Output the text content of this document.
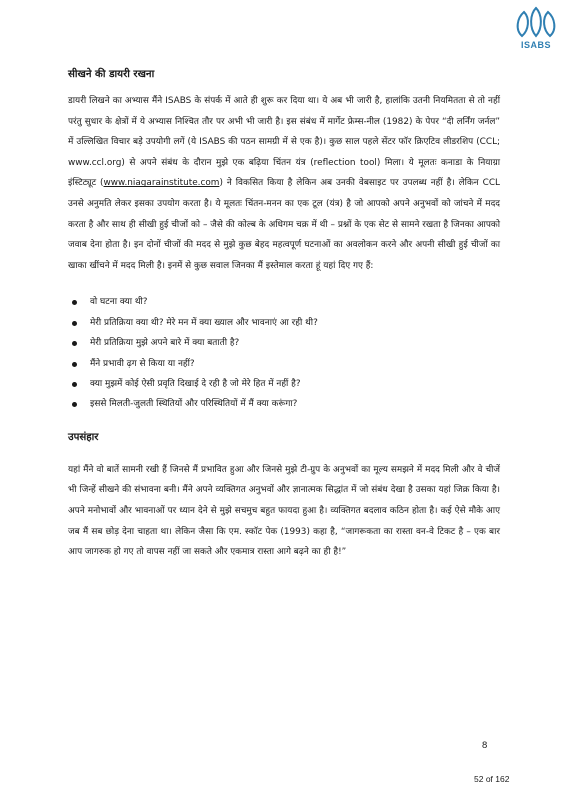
ISABS
सीखने की डायरी रखना

डायरी लिखने का अभ्यास मैंने ISABS के संपर्क में आते ही शुरू कर दिया था। ये अब भी जारी है, हालांकि उतनी नियमितता से तो नहीं परंतु सुधार के क्षेत्रों में ये अभ्यास निश्चित तौर पर अभी भी जारी है। इस संबंध में मार्गेट फ्रेम्स-नील (1982) के पेपर “दी लर्निंग जर्नल” में उल्लिखित विचार बड़े उपयोगी लगें (ये ISABS की पठन सामग्री में से एक है)। कुछ साल पहले सेंटर फॉर क्रिएटिव लीडरशिप (CCL; www.ccl.org) से अपने संबंध के दौरान मुझे एक बढ़िया चिंतन यंत्र (reflection tool) मिला। ये मूलतः कनाडा के नियाग्रा इंस्टिट्यूट (www.niagarainstitute.com) ने विकसित किया है लेकिन अब उनकी वेबसाइट पर उपलब्ध नहीं है। लेकिन CCL उनसे अनुमति लेकर इसका उपयोग करता है। ये मूलतः चिंतन-मनन का एक टूल (यंत्र) है जो आपको अपने अनुभवों को जांचने में मदद करता है और साथ ही सीखी हुई चीजों को – जैसे की कोल्ब के अधिगम चक्र में थी – प्रश्नों के एक सेट से सामने रखता है जिनका आपको जवाब देना होता है। इन दोनों चीजों की मदद से मुझे कुछ बेहद महत्वपूर्ण घटनाओं का अवलोकन करने और अपनी सीखी हुई चीजों का खाका खींचने में मदद मिली है। इनमें से कुछ सवाल जिनका मैं इस्तेमाल करता हूं यहां दिए गए हैं:

वो घटना क्या थी?
मेरी प्रतिक्रिया क्या थी? मेरे मन में क्या ख्याल और भावनाएं आ रही थी?
मेरी प्रतिक्रिया मुझे अपने बारे में क्या बताती है?
मैंने प्रभावी ढ़ग से किया या नहीं?
क्या मुझमें कोई ऐसी प्रवृति दिखाई दे रही है जो मेरे हित में नहीं है?
इससे मिलती-जुलती स्थितियों और परिस्थितियों में मैं क्या करूंगा?
उपसंहार

यहां मैंने वो बातें सामनी रखी हैं जिनसे मैं प्रभावित हुआ और जिनसे मुझे टी-ग्रुप के अनुभवों का मूल्य समझने में मदद मिली और वे चीजें भी जिन्हें सीखने की संभावना बनी। मैंने अपने व्यक्तिगत अनुभवों और ज्ञानात्मक सिद्धांत में जो संबंध देखा है उसका यहां जिक्र किया है। अपने मनोभावों और भावनाओं पर ध्यान देने से मुझे सचमुच बहुत फायदा हुआ है। व्यक्तिगत बदलाव कठिन होता है। कई ऐसे मौके आए जब मैं सब छोड़ देना चाहता था। लेकिन जैसा कि एम. स्कॉट पेक (1993) कहा है, “जागरूकता का रास्ता वन-वे टिकट है – एक बार आप जागरुक हो गए तो वापस नहीं जा सकते और एकमात्र रास्ता आगे बढ़ने का ही है!”

8
52 of 162
